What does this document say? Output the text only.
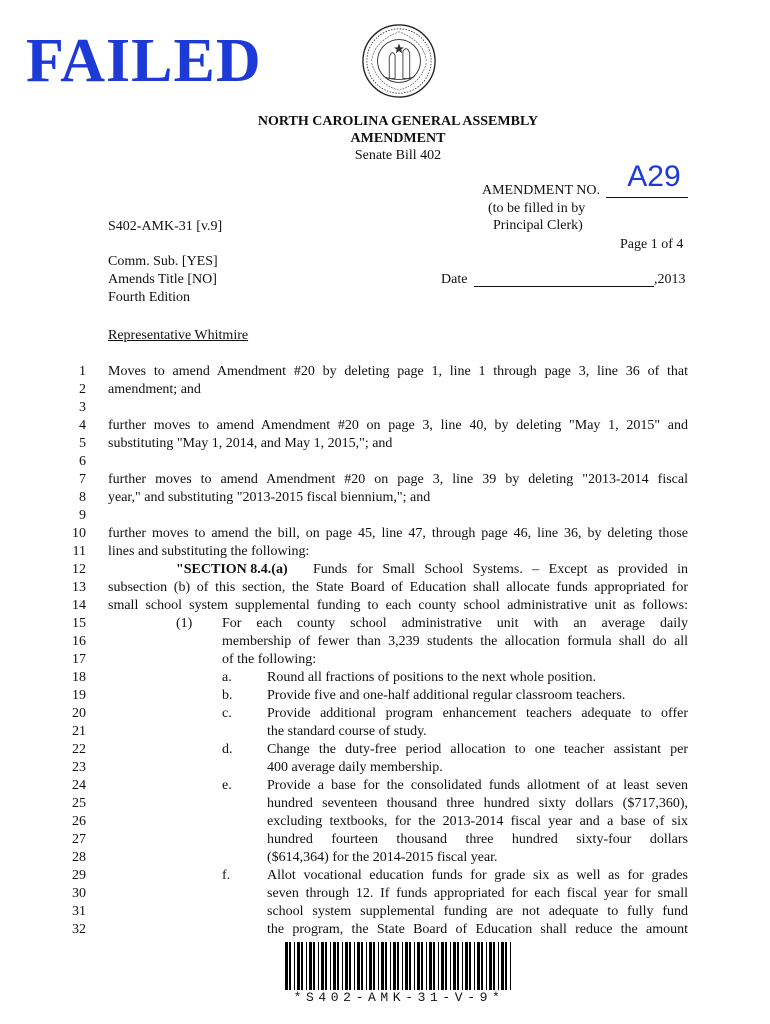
FAILED
NORTH CAROLINA GENERAL ASSEMBLY
AMENDMENT
Senate Bill 402
AMENDMENT NO. A29
(to be filled in by
Principal Clerk)
S402-AMK-31 [v.9]
Page 1 of 4
Comm. Sub. [YES]
Amends Title [NO]
Fourth Edition
Date	,2013
Representative Whitmire
1
2
3
4
5
6
7
8
9
10
11
12
13
14
15
16
17
18
19
20
21
22
23
24
25
26
27
28
29
30
31
32
Moves to amend Amendment #20 by deleting page 1, line 1 through page 3, line 36 of that
amendment; and
further moves to amend Amendment #20 on page 3, line 40, by deleting "May 1, 2015" and
substituting "May 1, 2014, and May 1, 2015,"; and
further moves to amend Amendment #20 on page 3, line 39 by deleting "2013-2014 fiscal
year," and substituting "2013-2015 fiscal biennium,"; and
further moves to amend the bill, on page 45, line 47, through page 46, line 36, by deleting those
lines and substituting the following:
"SECTION 8.4.(a) Funds for Small School Systems. – Except as provided in
subsection (b) of this section, the State Board of Education shall allocate funds appropriated for
small school system supplemental funding to each county school administrative unit as follows:
(1) For each county school administrative unit with an average daily
membership of fewer than 3,239 students the allocation formula shall do all
of the following:
a.	Round all fractions of positions to the next whole position.
b. Provide five and one-half additional regular classroom teachers.
c.	Provide additional program enhancement teachers adequate to offer
the standard course of study.
d. Change the duty-free period allocation to one teacher assistant per
400 average daily membership.
e.	Provide a base for the consolidated funds allotment of at least seven
hundred seventeen thousand three hundred sixty dollars ($717,360),
excluding textbooks, for the 2013-2014 fiscal year and a base of six
hundred fourteen thousand three hundred sixty-four dollars
($614,364) for the 2014-2015 fiscal year.
f.	Allot vocational education funds for grade six as well as for grades
seven through 12. If funds appropriated for each fiscal year for small
school system supplemental funding are not adequate to fully fund
the program, the State Board of Education shall reduce the amount
*S402-AMK-31-V-9*
